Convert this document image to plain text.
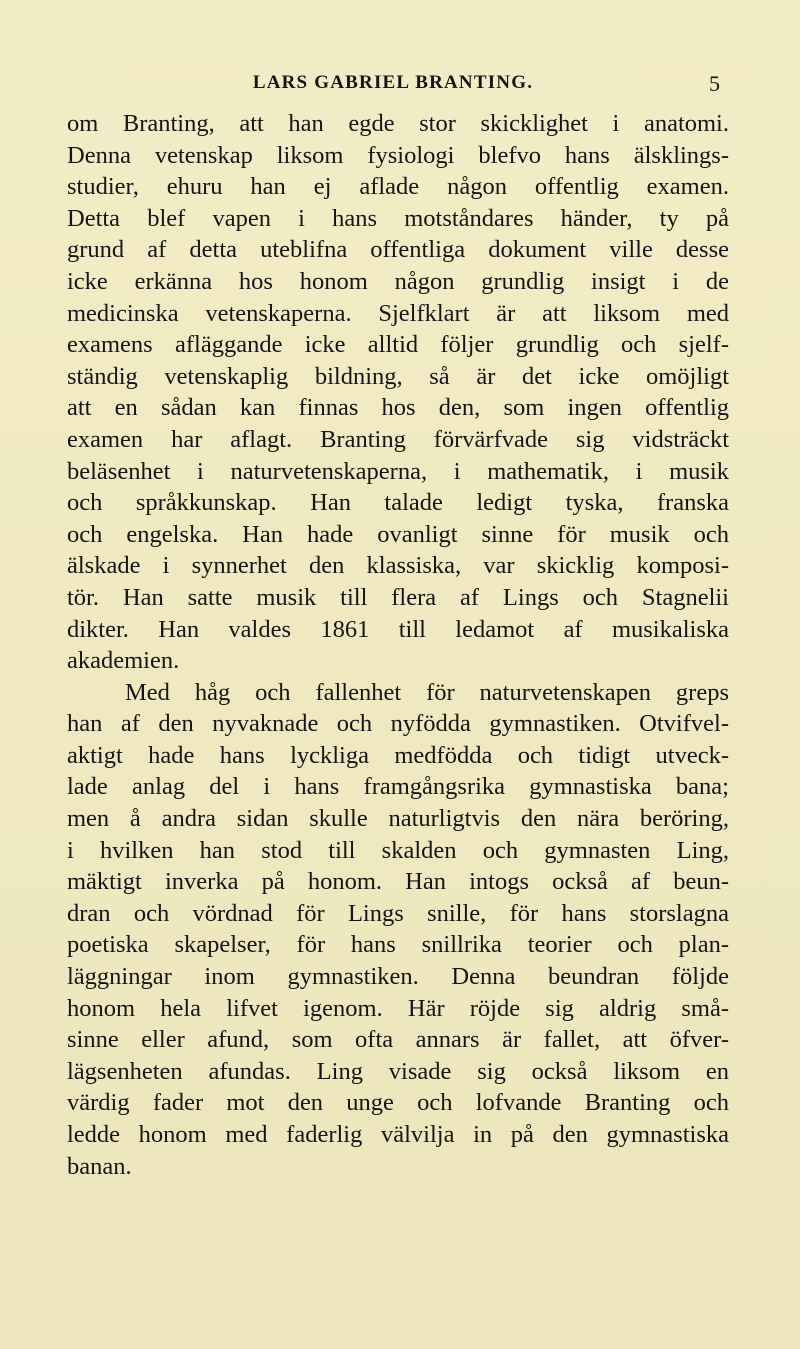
LARS GABRIEL BRANTING.	5
om Branting, att han egde stor skicklighet i anatomi.
Denna vetenskap liksom fysiologi blefvo hans älsklings-
studier, ehuru han ej aflade någon offentlig examen.
Detta blef vapen i hans motståndares händer, ty på
grund af detta uteblifna offentliga dokument ville desse
icke erkänna hos honom någon grundlig insigt i de
medicinska vetenskaperna. Sjelfklart är att liksom med
examens afläggande icke alltid följer grundlig och sjelf-
ständig vetenskaplig bildning, så är det icke omöjligt
att en sådan kan finnas hos den, som ingen offentlig
examen har aflagt. Branting förvärfvade sig vidsträckt
beläsenhet i naturvetenskaperna, i mathematik, i musik
och språkkunskap. Han talade ledigt tyska, franska
och engelska. Han hade ovanligt sinne för musik och
älskade i synnerhet den klassiska, var skicklig komposi-
tör. Han satte musik till flera af Lings och Stagnelii
dikter. Han valdes 1861 till ledamot af musikaliska
akademien.
Med håg och fallenhet för naturvetenskapen greps
han af den nyvaknade och nyfödda gymnastiken. Otvifvel-
aktigt hade hans lyckliga medfödda och tidigt utveck-
lade anlag del i hans framgångsrika gymnastiska bana;
men å andra sidan skulle naturligtvis den nära beröring,
i hvilken han stod till skalden och gymnasten Ling,
mäktigt inverka på honom. Han intogs också af beun-
dran och vördnad för Lings snille, för hans storslagna
poetiska skapelser, för hans snillrika teorier och plan-
läggningar inom gymnastiken. Denna beundran följde
honom hela lifvet igenom. Här röjde sig aldrig små-
sinne eller afund, som ofta annars är fallet, att öfver-
lägsenheten afundas. Ling visade sig också liksom en
värdig fader mot den unge och lofvande Branting och
ledde honom med faderlig välvilja in på den gymnastiska
banan.
